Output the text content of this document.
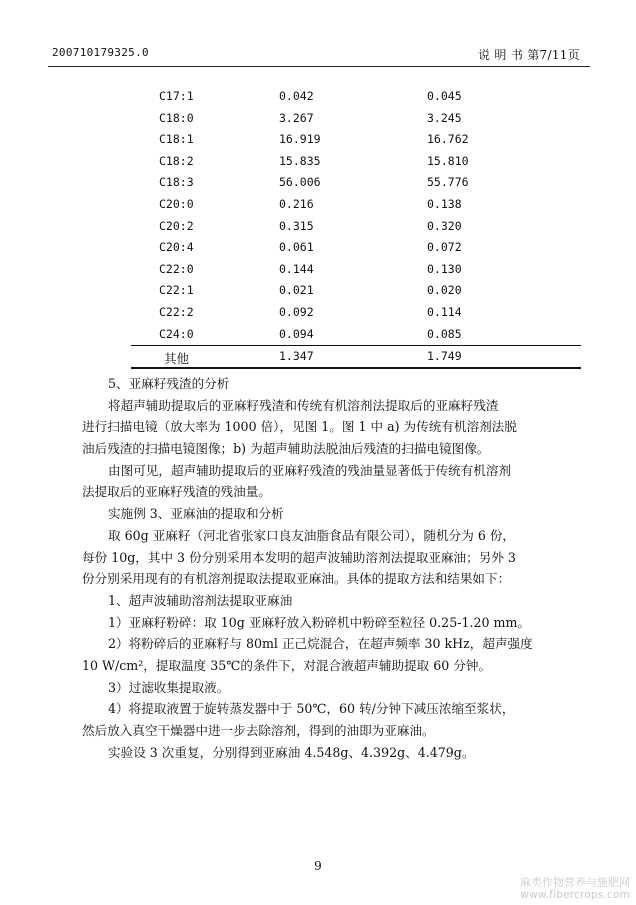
200710179325.0	说 明 书 第7/11页
C17:1	0.042	0.045
C18:0	3.267	3.245
C18:1	16.919	16.762
C18:2	15.835	15.810
C18:3	56.006	55.776
C20:0	0.216	0.138
C20:2	0.315	0.320
C20:4	0.061	0.072
C22:0	0.144	0.130
C22:1	0.021	0.020
C22:2	0.092	0.114
C24:0	0.094	0.085
其他	1.347	1.749
5、亚麻籽残渣的分析
将超声辅助提取后的亚麻籽残渣和传统有机溶剂法提取后的亚麻籽残渣
进行扫描电镜（放大率为 1000 倍），见图 1。图 1 中 a) 为传统有机溶剂法脱
油后残渣的扫描电镜图像；b) 为超声辅助法脱油后残渣的扫描电镜图像。
由图可见，超声辅助提取后的亚麻籽残渣的残油量显著低于传统有机溶剂
法提取后的亚麻籽残渣的残油量。
实施例 3、亚麻油的提取和分析
取 60g 亚麻籽（河北省张家口良友油脂食品有限公司），随机分为 6 份，
每份 10g，其中 3 份分别采用本发明的超声波辅助溶剂法提取亚麻油；另外 3
份分别采用现有的有机溶剂提取法提取亚麻油。具体的提取方法和结果如下：
1、超声波辅助溶剂法提取亚麻油
1）亚麻籽粉碎：取 10g 亚麻籽放入粉碎机中粉碎至粒径 0.25-1.20 mm。
2）将粉碎后的亚麻籽与 80ml 正己烷混合，在超声频率 30 kHz，超声强度
10 W/cm²，提取温度 35℃的条件下，对混合液超声辅助提取 60 分钟。
3）过滤收集提取液。
4）将提取液置于旋转蒸发器中于 50℃，60 转/分钟下减压浓缩至浆状，
然后放入真空干燥器中进一步去除溶剂，得到的油即为亚麻油。
实验设 3 次重复，分别得到亚麻油 4.548g、4.392g、4.479g。
9
麻类作物营养与施肥网
www.fibercrops.com
